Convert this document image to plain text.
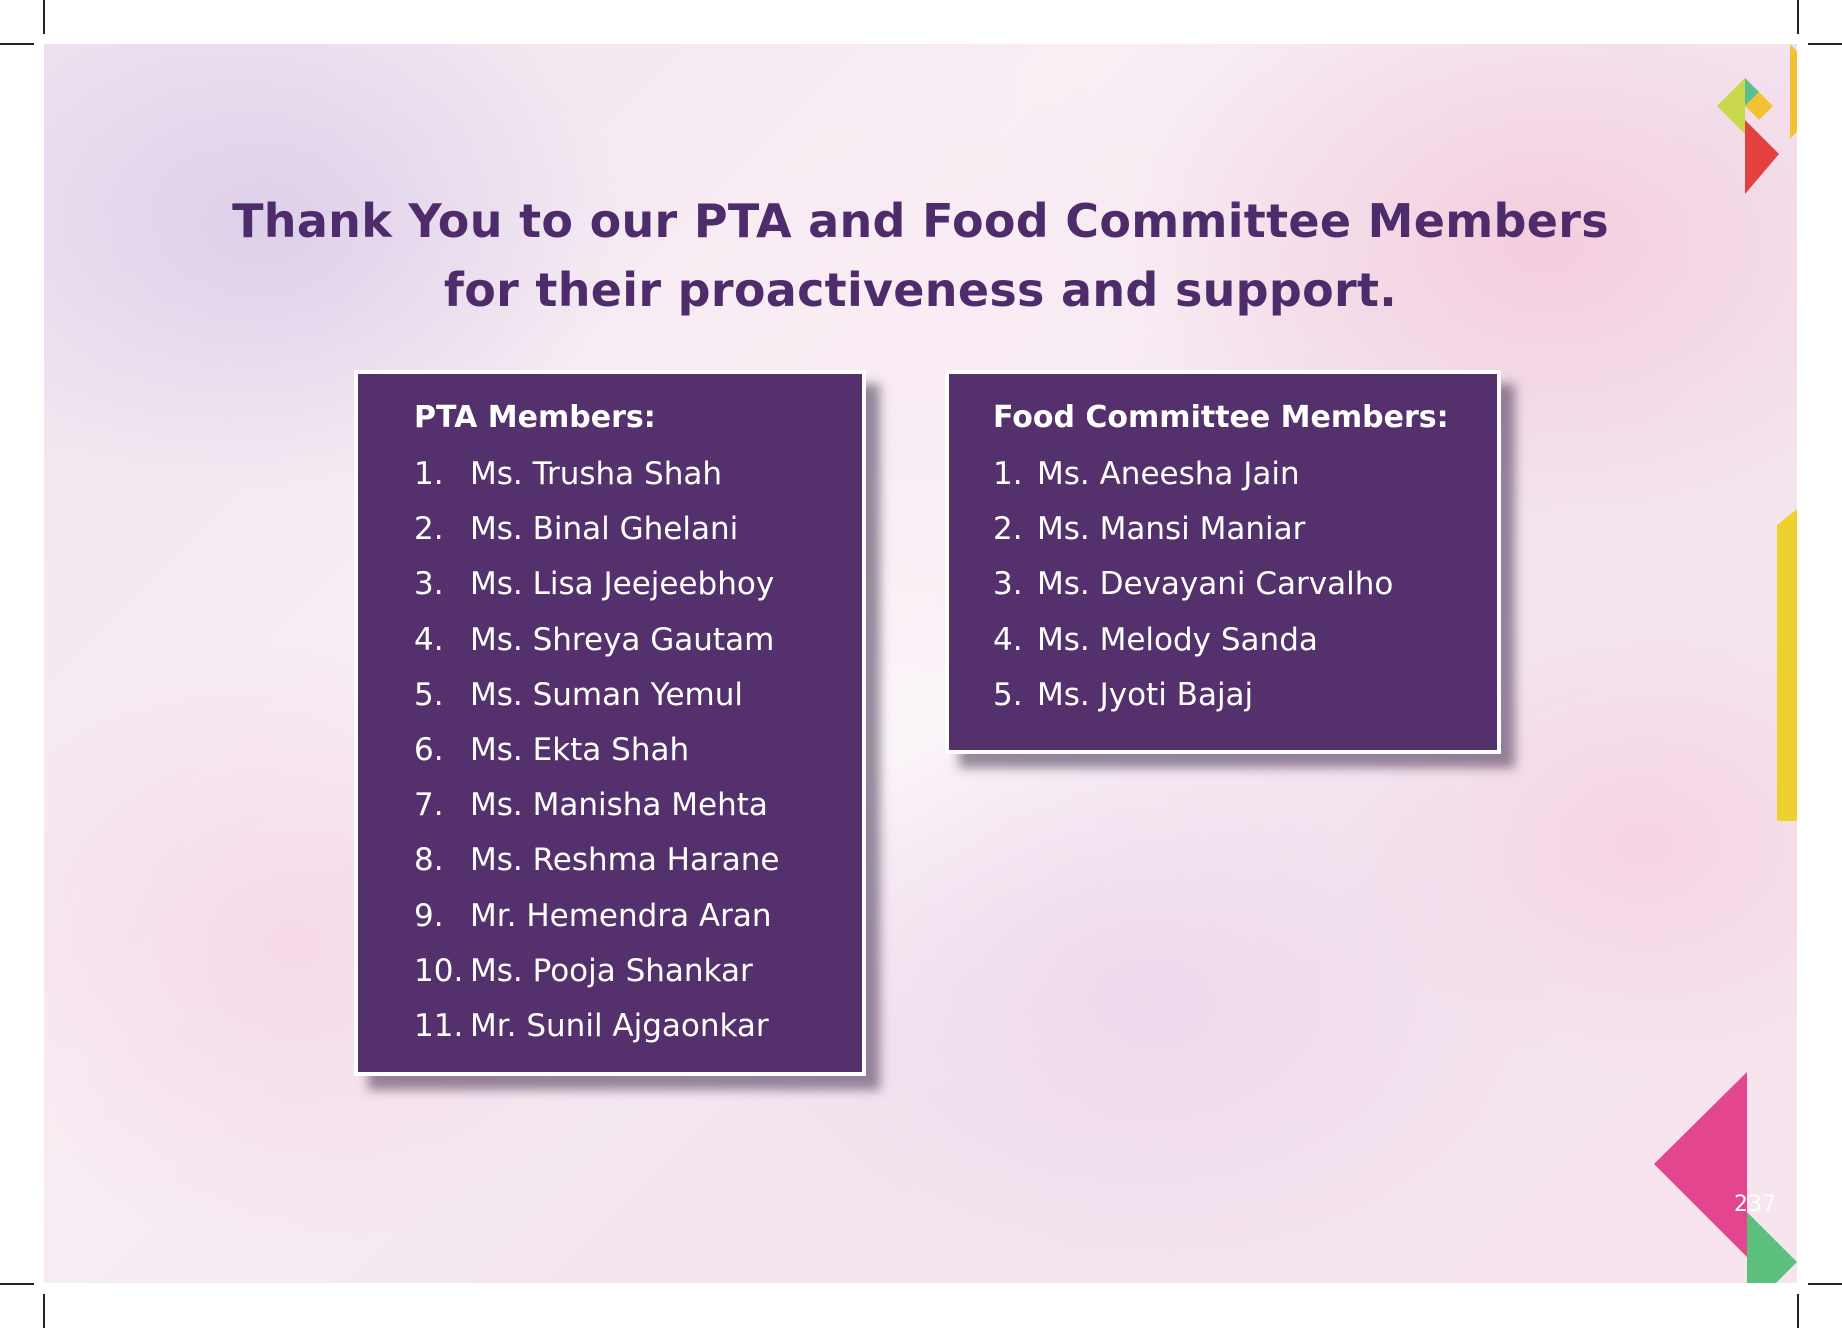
Thank You to our PTA and Food Committee Members
for their proactiveness and support.
PTA Members:
1. Ms. Trusha Shah
2. Ms. Binal Ghelani
3. Ms. Lisa Jeejeebhoy
4. Ms. Shreya Gautam
5. Ms. Suman Yemul
6. Ms. Ekta Shah
7. Ms. Manisha Mehta
8. Ms. Reshma Harane
9. Mr. Hemendra Aran
10. Ms. Pooja Shankar
11. Mr. Sunil Ajgaonkar
Food Committee Members:
1. Ms. Aneesha Jain
2. Ms. Mansi Maniar
3. Ms. Devayani Carvalho
4. Ms. Melody Sanda
5. Ms. Jyoti Bajaj
237
